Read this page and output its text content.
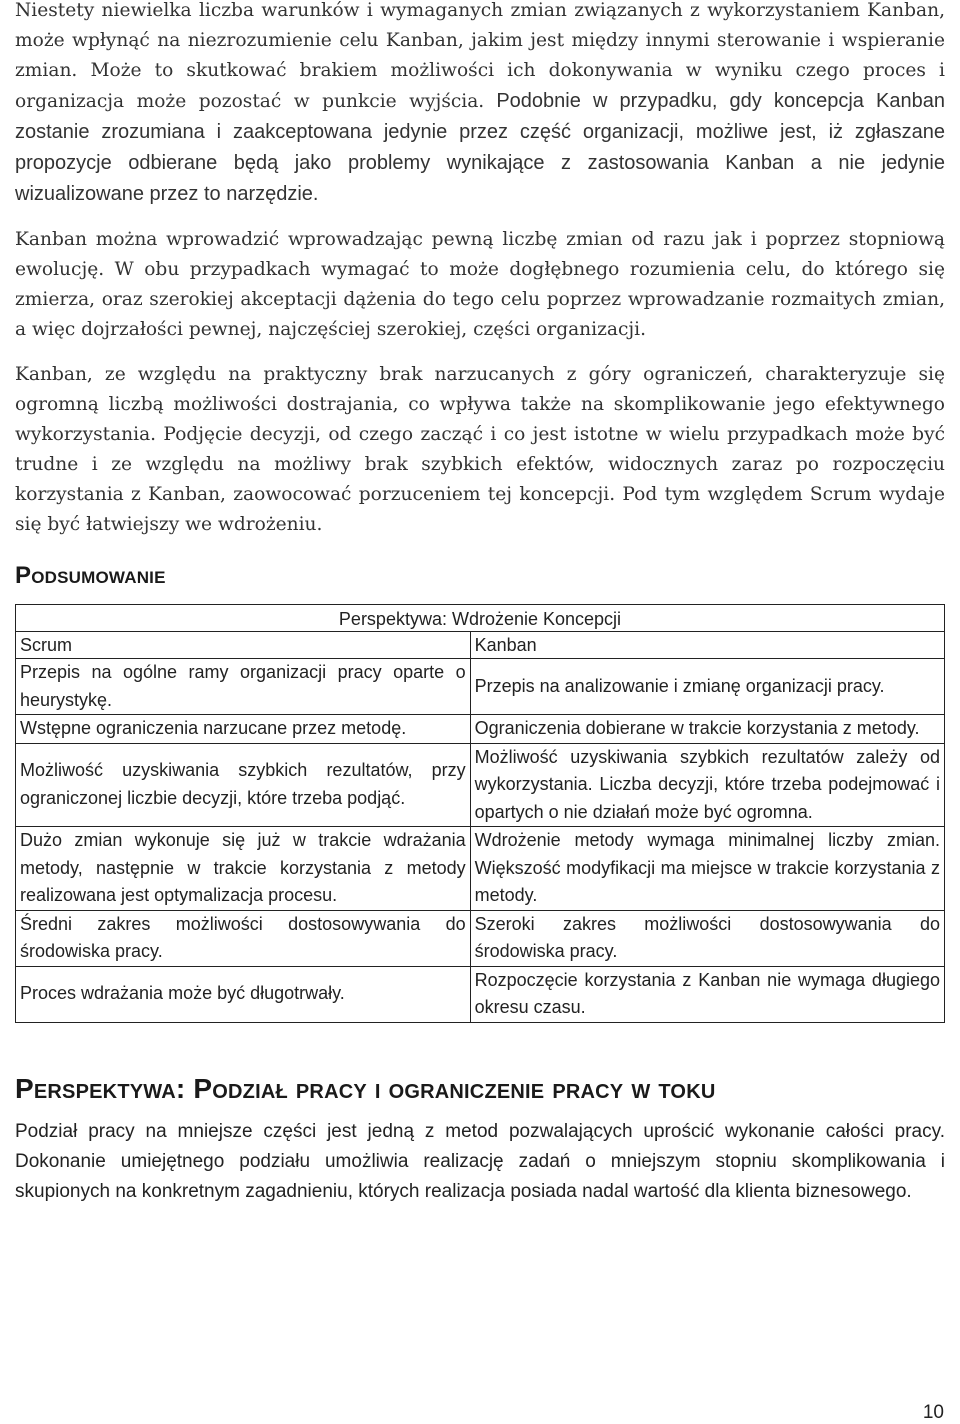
Niestety niewielka liczba warunków i wymaganych zmian związanych z wykorzystaniem Kanban, może wpłynąć na niezrozumienie celu Kanban, jakim jest między innymi sterowanie i wspieranie zmian. Może to skutkować brakiem możliwości ich dokonywania w wyniku czego proces i organizacja może pozostać w punkcie wyjścia. Podobnie w przypadku, gdy koncepcja Kanban zostanie zrozumiana i zaakceptowana jedynie przez część organizacji, możliwe jest, iż zgłaszane propozycje odbierane będą jako problemy wynikające z zastosowania Kanban a nie jedynie wizualizowane przez to narzędzie.

Kanban można wprowadzić wprowadzając pewną liczbę zmian od razu jak i poprzez stopniową ewolucję. W obu przypadkach wymagać to może dogłębnego rozumienia celu, do którego się zmierza, oraz szerokiej akceptacji dążenia do tego celu poprzez wprowadzanie rozmaitych zmian, a więc dojrzałości pewnej, najczęściej szerokiej, części organizacji.

Kanban, ze względu na praktyczny brak narzucanych z góry ograniczeń, charakteryzuje się ogromną liczbą możliwości dostrajania, co wpływa także na skomplikowanie jego efektywnego wykorzystania. Podjęcie decyzji, od czego zacząć i co jest istotne w wielu przypadkach może być trudne i ze względu na możliwy brak szybkich efektów, widocznych zaraz po rozpoczęciu korzystania z Kanban, zaowocować porzuceniem tej koncepcji. Pod tym względem Scrum wydaje się być łatwiejszy we wdrożeniu.

Podsumowanie
Perspektywa: Wdrożenie Koncepcji	
Scrum	Kanban
Przepis na ogólne ramy organizacji pracy oparte o heurystykę.	Przepis na analizowanie i zmianę organizacji pracy.
Wstępne ograniczenia narzucane przez metodę.	Ograniczenia dobierane w trakcie korzystania z metody.
Możliwość uzyskiwania szybkich rezultatów, przy ograniczonej liczbie decyzji, które trzeba podjąć.	Możliwość uzyskiwania szybkich rezultatów zależy od wykorzystania. Liczba decyzji, które trzeba podejmować i opartych o nie działań może być ogromna.
Dużo zmian wykonuje się już w trakcie wdrażania metody, następnie w trakcie korzystania z metody realizowana jest optymalizacja procesu.	Wdrożenie metody wymaga minimalnej liczby zmian. Większość modyfikacji ma miejsce w trakcie korzystania z metody.
Średni zakres możliwości dostosowywania do środowiska pracy.	Szeroki zakres możliwości dostosowywania do środowiska pracy.
Proces wdrażania może być długotrwały.	Rozpoczęcie korzystania z Kanban nie wymaga długiego okresu czasu.
Perspektywa: Podział pracy i ograniczenie pracy w toku

Podział pracy na mniejsze części jest jedną z metod pozwalających uprościć wykonanie całości pracy. Dokonanie umiejętnego podziału umożliwia realizację zadań o mniejszym stopniu skomplikowania i skupionych na konkretnym zagadnieniu, których realizacja posiada nadal wartość dla klienta biznesowego.

10
